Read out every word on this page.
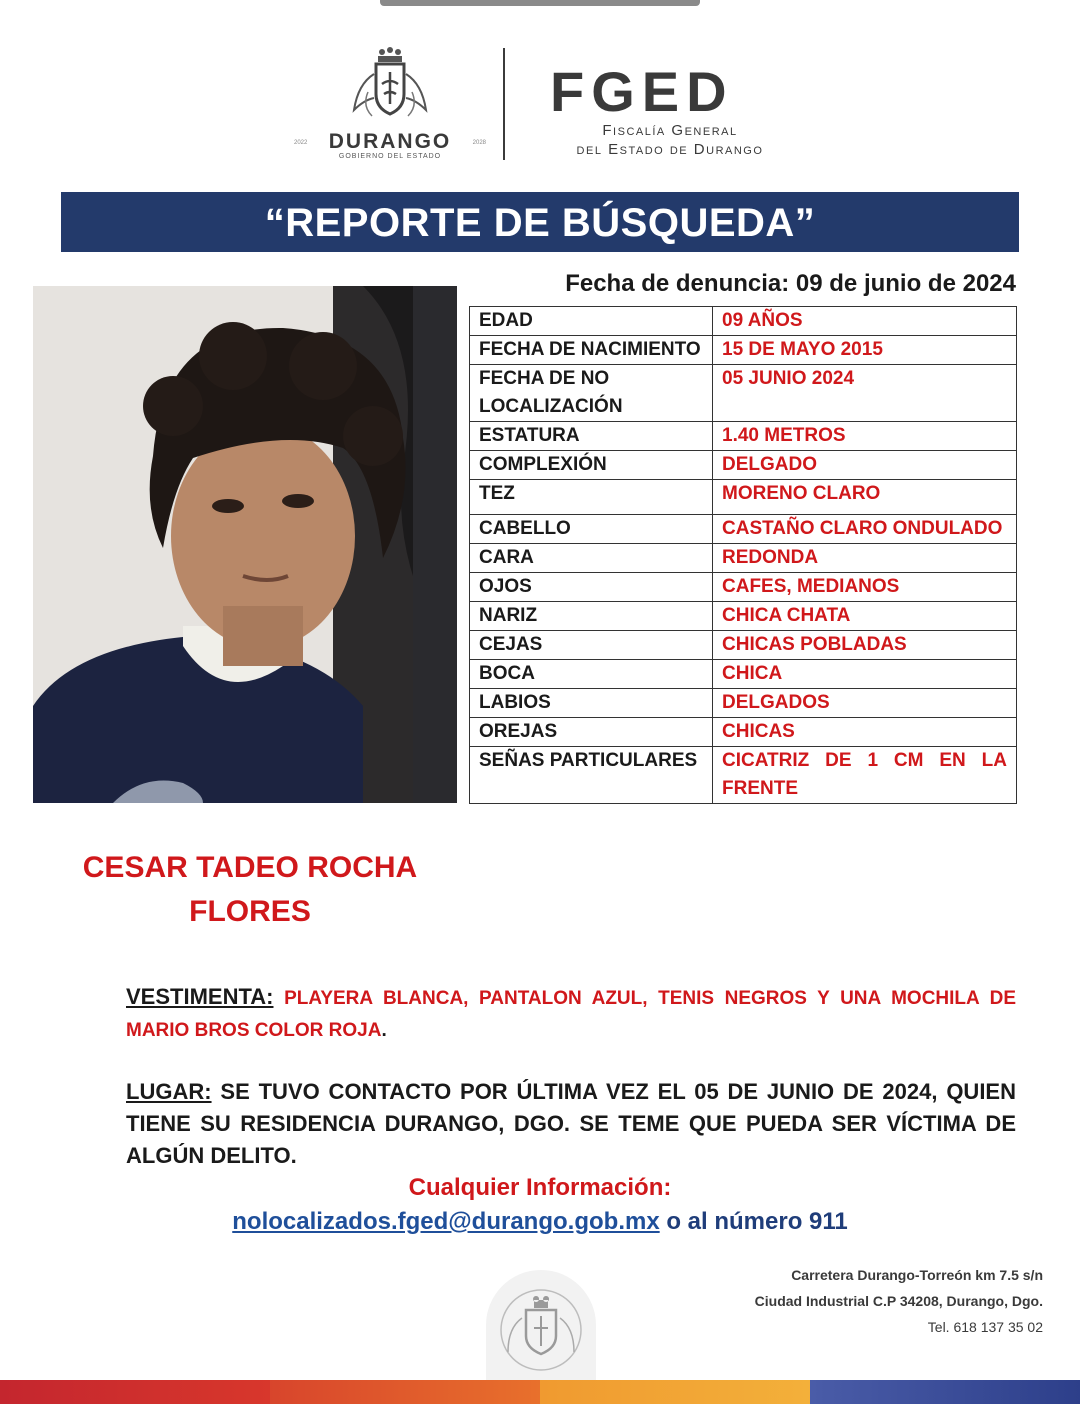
DURANGO
GOBIERNO DEL ESTADO
2022	2028
FGED
Fiscalía General
del Estado de Durango
“REPORTE DE BÚSQUEDA”
Fecha de denuncia: 09 de junio de 2024
EDAD	09 AÑOS
FECHA DE NACIMIENTO	15 DE MAYO 2015
FECHA DE NO LOCALIZACIÓN	05 JUNIO 2024
ESTATURA	1.40 METROS
COMPLEXIÓN	DELGADO
TEZ	MORENO CLARO
CABELLO	CASTAÑO CLARO ONDULADO
CARA	REDONDA
OJOS	CAFES, MEDIANOS
NARIZ	CHICA CHATA
CEJAS	CHICAS POBLADAS
BOCA	CHICA
LABIOS	DELGADOS
OREJAS	CHICAS
SEÑAS PARTICULARES	CICATRIZ DE 1 CM EN LA FRENTE
CESAR TADEO ROCHA
FLORES
VESTIMENTA: PLAYERA BLANCA, PANTALON AZUL, TENIS NEGROS Y UNA MOCHILA DE MARIO BROS COLOR ROJA.
LUGAR: SE TUVO CONTACTO POR ÚLTIMA VEZ EL 05 DE JUNIO DE 2024, QUIEN TIENE SU RESIDENCIA DURANGO, DGO. SE TEME QUE PUEDA SER VÍCTIMA DE ALGÚN DELITO.
Cualquier Información:
nolocalizados.fged@durango.gob.mx o al número 911
Carretera Durango-Torreón km 7.5 s/n
Ciudad Industrial C.P 34208, Durango, Dgo.
Tel. 618 137 35 02
